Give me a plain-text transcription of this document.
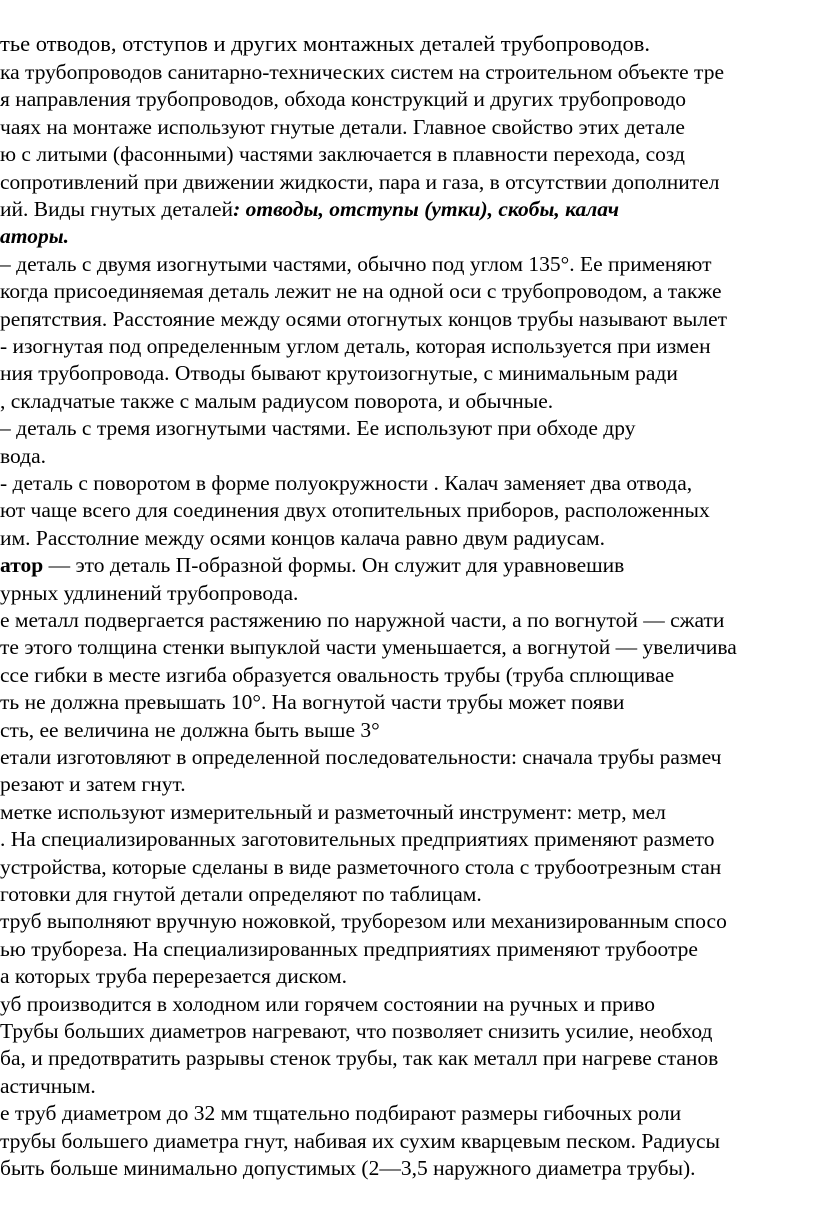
тье отводов, отступов и других монтажных деталей трубопроводов.
ка трубопроводов санитарно-технических систем на строительном объекте тре
я направления трубопроводов, обхода конструкций и других трубопроводо
чаях на монтаже используют гнутые детали. Главное свойство этих детале
ю с литыми (фасонными) частями заключается в плавности перехода, созд
сопротивлений при движении жидкости, пара и газа, в отсутствии дополнител
ий. Виды гнутых деталей: отводы, отступы (утки), скобы, калач
аторы.
– деталь с двумя изогнутыми частями, обычно под углом 135°. Ее применяют
когда присоединяемая деталь лежит не на одной оси с трубопроводом, а также
репятствия. Расстояние между осями отогнутых концов трубы называют вылет
- изогнутая под определенным углом деталь, которая используется при измен
ния трубопровода. Отводы бывают крутоизогнутые, с минимальным ради
, складчатые также с малым радиусом поворота, и обычные.
– деталь с тремя изогнутыми частями. Ее используют при обходе дру
вода.
- деталь с поворотом в форме полуокружности . Калач заменяет два отвода,
ют чаще всего для соединения двух отопительных приборов, расположенных
им. Расстолние между осями концов калача равно двум радиусам.
атор — это деталь П-образной формы. Он служит для уравновешив
урных удлинений трубопровода.
е металл подвергается растяжению по наружной части, а по вогнутой — сжати
те этого толщина стенки выпуклой части уменьшается, а вогнутой — увеличива
ссе гибки в месте изгиба образуется овальность трубы (труба сплющивае
ть не должна превышать 10°. На вогнутой части трубы может появи
сть, ее величина не должна быть выше 3°
етали изготовляют в определенной последовательности: сначала трубы размеч
резают и затем гнут.
метке используют измерительный и разметочный инструмент: метр, мел
. На специализированных заготовительных предприятиях применяют размето
устройства, которые сделаны в виде разметочного стола с трубоотрезным стан
готовки для гнутой детали определяют по таблицам.
труб выполняют вручную ножовкой, труборезом или механизированным спосо
ью трубореза. На специализированных предприятиях применяют трубоотре
а которых труба перерезается диском.
уб производится в холодном или горячем состоянии на ручных и приво
Трубы больших диаметров нагревают, что позволяет снизить усилие, необход
ба, и предотвратить разрывы стенок трубы, так как металл при нагреве станов
астичным.
е труб диаметром до 32 мм тщательно подбирают размеры гибочных роли
трубы большего диаметра гнут, набивая их сухим кварцевым песком. Радиусы
быть больше минимально допустимых (2—3,5 наружного диаметра трубы).
